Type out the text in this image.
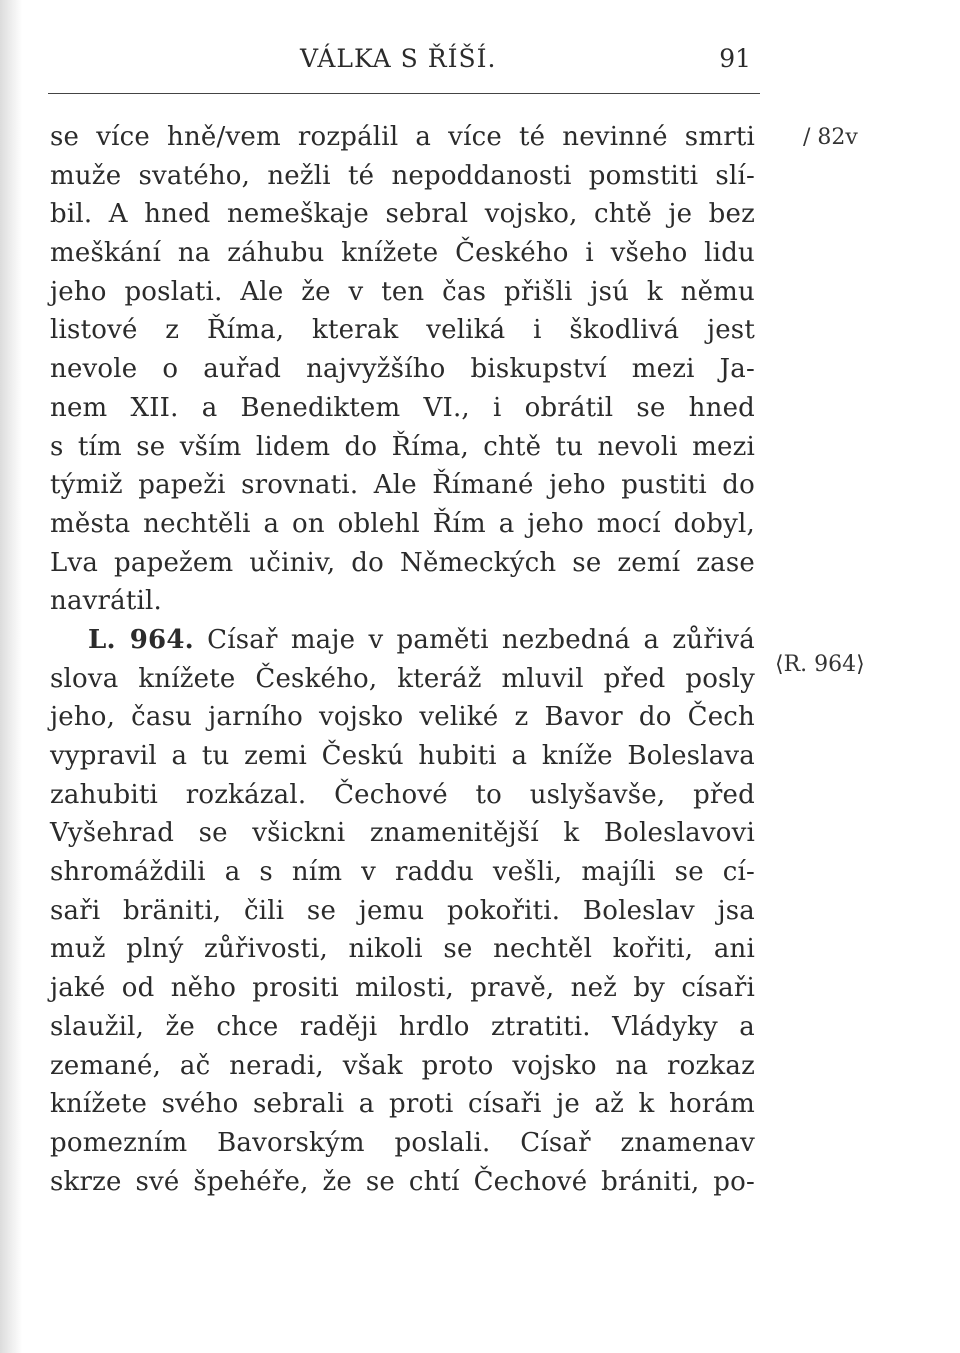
VÁLKA S ŘÍŠÍ.	91
/ 82v
⟨R. 964⟩
se více hně/vem rozpálil a více té nevinné smrti
muže svatého, nežli té nepoddanosti pomstiti slí-
bil. A hned nemeškaje sebral vojsko, chtě je bez
meškání na záhubu knížete Českého i všeho lidu
jeho poslati. Ale že v ten čas přišli jsú k němu
listové z Říma, kterak veliká i škodlivá jest
nevole o auřad najvyžšího biskupství mezi Ja-
nem XII. a Benediktem VI., i obrátil se hned
s tím se vším lidem do Říma, chtě tu nevoli mezi
týmiž papeži srovnati. Ale Římané jeho pustiti do
města nechtěli a on oblehl Řím a jeho mocí dobyl,
Lva papežem učiniv, do Německých se zemí zase
navrátil.
L. 964. Císař maje v paměti nezbedná a zůřivá
slova knížete Českého, kteráž mluvil před posly
jeho, času jarního vojsko veliké z Bavor do Čech
vypravil a tu zemi Českú hubiti a kníže Boleslava
zahubiti rozkázal. Čechové to uslyšavše, před
Vyšehrad se všickni znamenitější k Boleslavovi
shromáždili a s ním v raddu vešli, majíli se cí-
saři bräniti, čili se jemu pokořiti. Boleslav jsa
muž plný zůřivosti, nikoli se nechtěl kořiti, ani
jaké od něho prositi milosti, pravě, než by císaři
slaužil, že chce raději hrdlo ztratiti. Vládyky a
zemané, ač neradi, však proto vojsko na rozkaz
knížete svého sebrali a proti císaři je až k horám
pomezním Bavorským poslali. Císař znamenav
skrze své špehéře, že se chtí Čechové brániti, po-
